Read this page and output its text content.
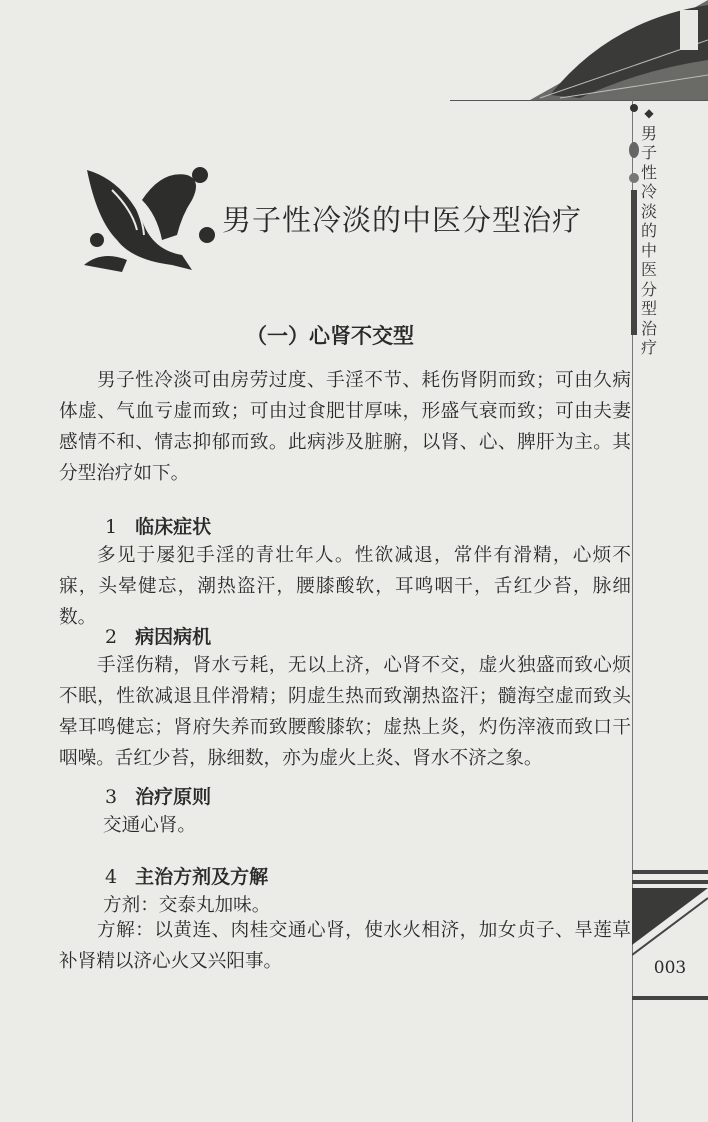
◆
男
子
性
冷
淡
的
中
医
分
型
治
疗
男子性冷淡的中医分型治疗
（一）心肾不交型
男子性冷淡可由房劳过度、手淫不节、耗伤肾阴而致；可由久病体虚、气血亏虚而致；可由过食肥甘厚味，形盛气衰而致；可由夫妻感情不和、情志抑郁而致。此病涉及脏腑，以肾、心、脾肝为主。其分型治疗如下。
1 临床症状
多见于屡犯手淫的青壮年人。性欲减退，常伴有滑精，心烦不寐，头晕健忘，潮热盗汗，腰膝酸软，耳鸣咽干，舌红少苔，脉细数。
2 病因病机
手淫伤精，肾水亏耗，无以上济，心肾不交，虚火独盛而致心烦不眠，性欲减退且伴滑精；阴虚生热而致潮热盗汗；髓海空虚而致头晕耳鸣健忘；肾府失养而致腰酸膝软；虚热上炎，灼伤滓液而致口干咽噪。舌红少苔，脉细数，亦为虚火上炎、肾水不济之象。
3 治疗原则
交通心肾。
4 主治方剂及方解
方剂：交泰丸加味。
方解：以黄连、肉桂交通心肾，使水火相济，加女贞子、旱莲草补肾精以济心火又兴阳事。	003
